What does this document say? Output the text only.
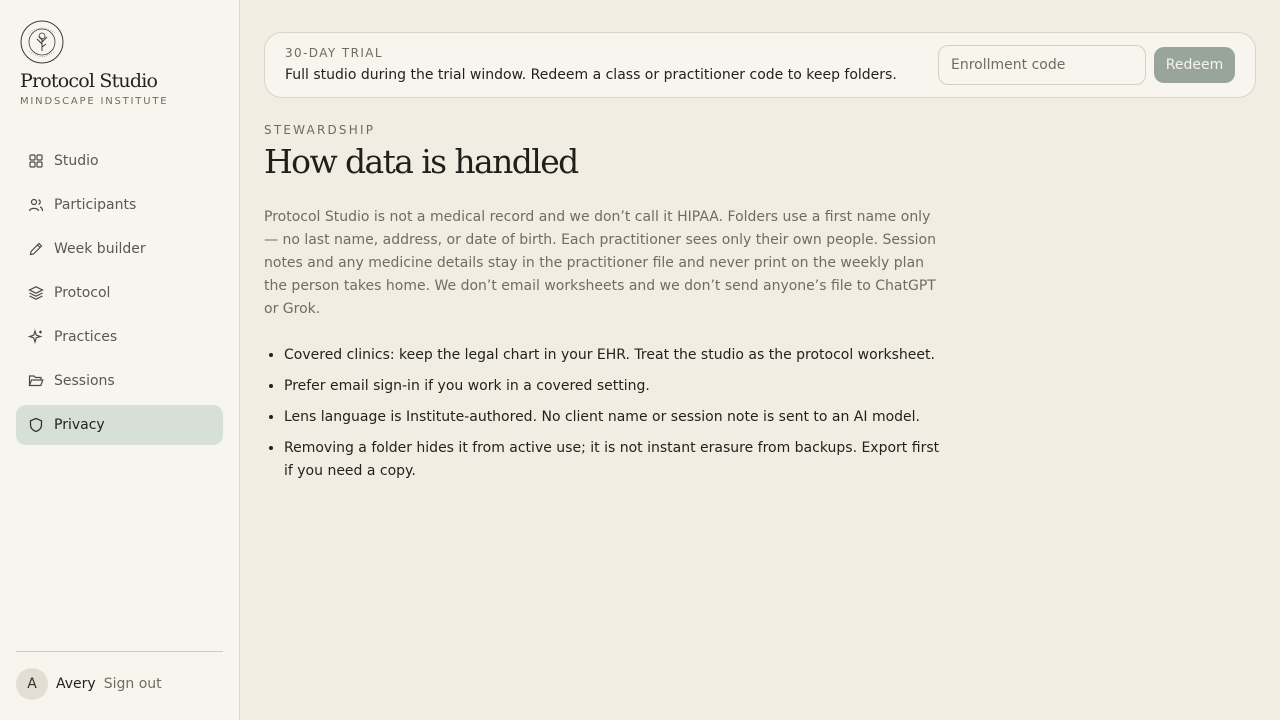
Protocol Studio
MINDSCAPE INSTITUTE
Studio
Participants
Week builder
Protocol
Practices
Sessions
Privacy
A	Avery Sign out
30-DAY TRIAL
Full studio during the trial window. Redeem a class or practitioner code to keep folders.
Enrollment code
Redeem
STEWARDSHIP
How data is handled

Protocol Studio is not a medical record and we don’t call it HIPAA. Folders use a first name only — no last name, address, or date of birth. Each practitioner sees only their own people. Session notes and any medicine details stay in the practitioner file and never print on the weekly plan the person takes home. We don’t email worksheets and we don’t send anyone’s file to ChatGPT or Grok.

• Covered clinics: keep the legal chart in your EHR. Treat the studio as the protocol worksheet.
• Prefer email sign-in if you work in a covered setting.
• Lens language is Institute-authored. No client name or session note is sent to an AI model.
• Removing a folder hides it from active use; it is not instant erasure from backups. Export first if you need a copy.
